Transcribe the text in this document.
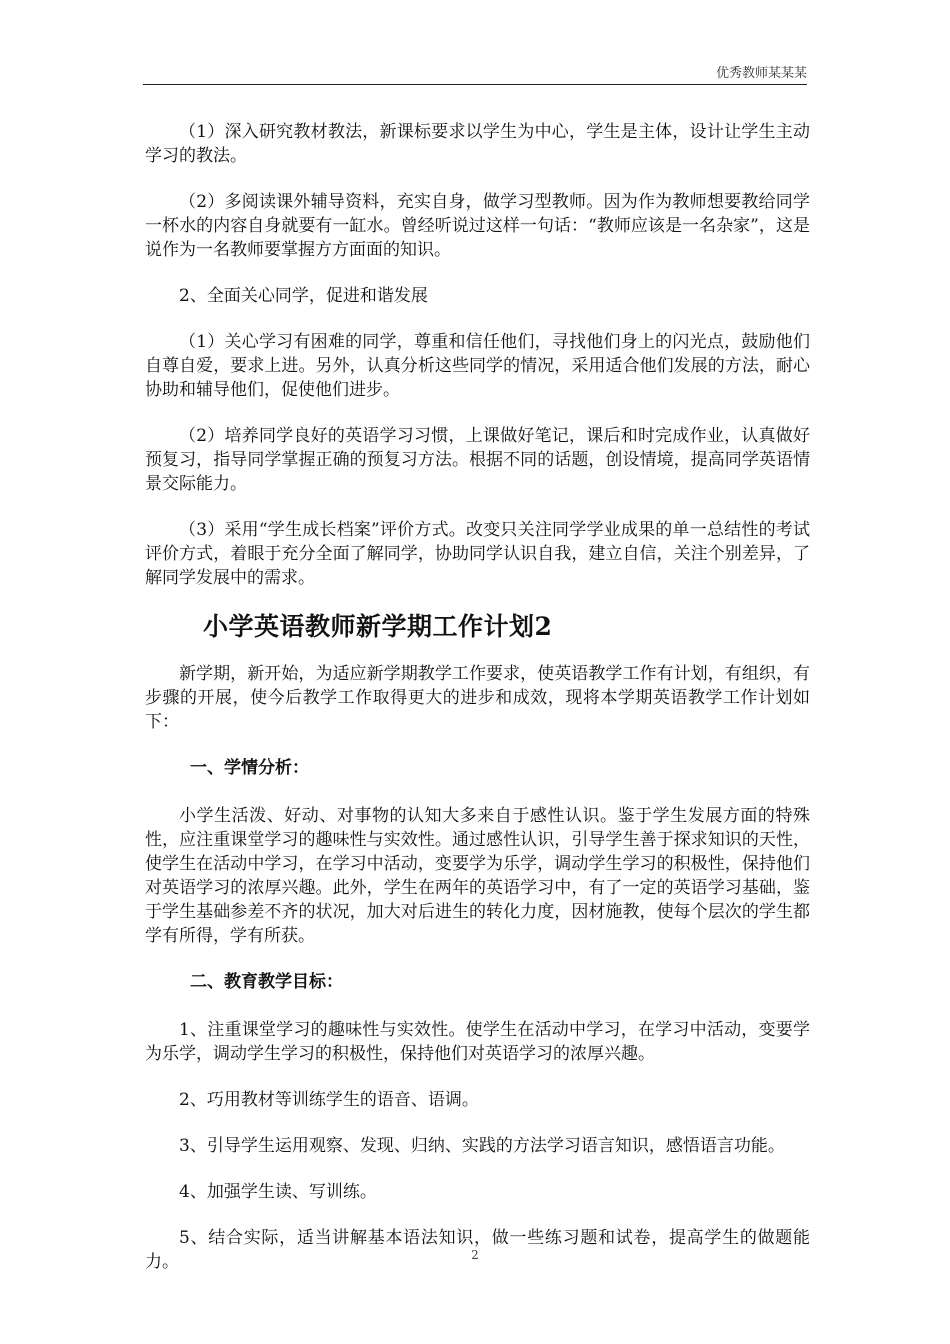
优秀教师某某某

（1）深入研究教材教法，新课标要求以学生为中心，学生是主体，设计让学生主动学习的教法。

（2）多阅读课外辅导资料，充实自身，做学习型教师。因为作为教师想要教给同学一杯水的内容自身就要有一缸水。曾经听说过这样一句话：“教师应该是一名杂家”，这是说作为一名教师要掌握方方面面的知识。

2、全面关心同学，促进和谐发展

（1）关心学习有困难的同学，尊重和信任他们，寻找他们身上的闪光点，鼓励他们自尊自爱，要求上进。另外，认真分析这些同学的情况，采用适合他们发展的方法，耐心协助和辅导他们，促使他们进步。

（2）培养同学良好的英语学习习惯，上课做好笔记，课后和时完成作业，认真做好预复习，指导同学掌握正确的预复习方法。根据不同的话题，创设情境，提高同学英语情景交际能力。

（3）采用“学生成长档案”评价方式。改变只关注同学学业成果的单一总结性的考试评价方式，着眼于充分全面了解同学，协助同学认识自我，建立自信，关注个别差异，了解同学发展中的需求。

小学英语教师新学期工作计划2

新学期，新开始，为适应新学期教学工作要求，使英语教学工作有计划，有组织，有步骤的开展，使今后教学工作取得更大的进步和成效，现将本学期英语教学工作计划如下：

一、学情分析：

小学生活泼、好动、对事物的认知大多来自于感性认识。鉴于学生发展方面的特殊性，应注重课堂学习的趣味性与实效性。通过感性认识，引导学生善于探求知识的天性，使学生在活动中学习，在学习中活动，变要学为乐学，调动学生学习的积极性，保持他们对英语学习的浓厚兴趣。此外，学生在两年的英语学习中，有了一定的英语学习基础，鉴于学生基础参差不齐的状况，加大对后进生的转化力度，因材施教，使每个层次的学生都学有所得，学有所获。

二、教育教学目标：

1、注重课堂学习的趣味性与实效性。使学生在活动中学习，在学习中活动，变要学为乐学，调动学生学习的积极性，保持他们对英语学习的浓厚兴趣。

2、巧用教材等训练学生的语音、语调。

3、引导学生运用观察、发现、归纳、实践的方法学习语言知识，感悟语言功能。

4、加强学生读、写训练。

5、结合实际，适当讲解基本语法知识，做一些练习题和试卷，提高学生的做题能力。	2
